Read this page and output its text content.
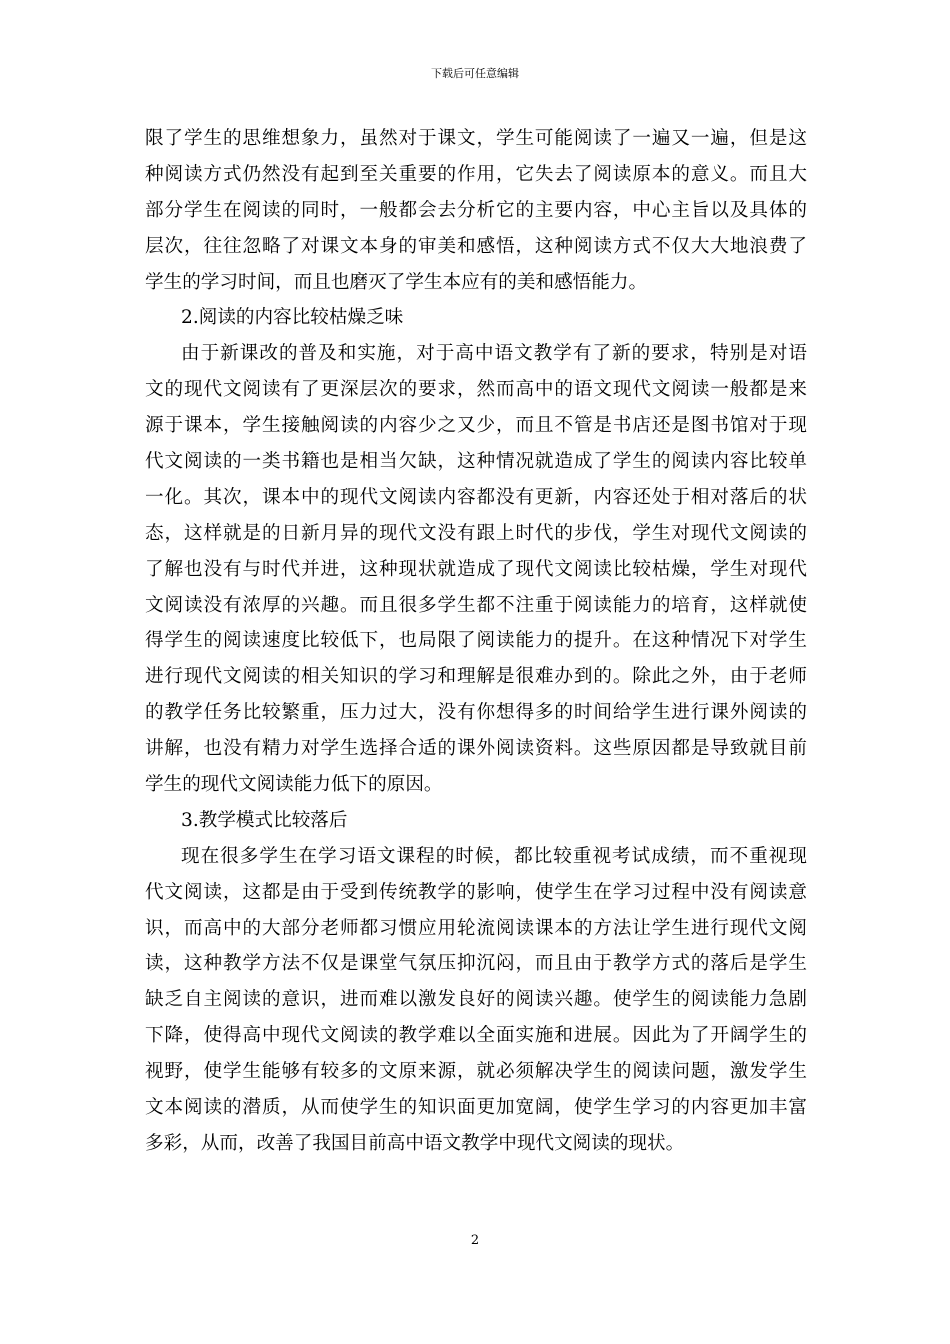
下载后可任意编辑
限了学生的思维想象力，虽然对于课文，学生可能阅读了一遍又一遍，但是这
种阅读方式仍然没有起到至关重要的作用，它失去了阅读原本的意义。而且大
部分学生在阅读的同时，一般都会去分析它的主要内容，中心主旨以及具体的
层次，往往忽略了对课文本身的审美和感悟，这种阅读方式不仅大大地浪费了
学生的学习时间，而且也磨灭了学生本应有的美和感悟能力。
2.阅读的内容比较枯燥乏味
由于新课改的普及和实施，对于高中语文教学有了新的要求，特别是对语
文的现代文阅读有了更深层次的要求，然而高中的语文现代文阅读一般都是来
源于课本，学生接触阅读的内容少之又少，而且不管是书店还是图书馆对于现
代文阅读的一类书籍也是相当欠缺，这种情况就造成了学生的阅读内容比较单
一化。其次，课本中的现代文阅读内容都没有更新，内容还处于相对落后的状
态，这样就是的日新月异的现代文没有跟上时代的步伐，学生对现代文阅读的
了解也没有与时代并进，这种现状就造成了现代文阅读比较枯燥，学生对现代
文阅读没有浓厚的兴趣。而且很多学生都不注重于阅读能力的培育，这样就使
得学生的阅读速度比较低下，也局限了阅读能力的提升。在这种情况下对学生
进行现代文阅读的相关知识的学习和理解是很难办到的。除此之外，由于老师
的教学任务比较繁重，压力过大，没有你想得多的时间给学生进行课外阅读的
讲解，也没有精力对学生选择合适的课外阅读资料。这些原因都是导致就目前
学生的现代文阅读能力低下的原因。
3.教学模式比较落后
现在很多学生在学习语文课程的时候，都比较重视考试成绩，而不重视现
代文阅读，这都是由于受到传统教学的影响，使学生在学习过程中没有阅读意
识，而高中的大部分老师都习惯应用轮流阅读课本的方法让学生进行现代文阅
读，这种教学方法不仅是课堂气氛压抑沉闷，而且由于教学方式的落后是学生
缺乏自主阅读的意识，进而难以激发良好的阅读兴趣。使学生的阅读能力急剧
下降，使得高中现代文阅读的教学难以全面实施和进展。因此为了开阔学生的
视野，使学生能够有较多的文原来源，就必须解决学生的阅读问题，激发学生
文本阅读的潜质，从而使学生的知识面更加宽阔，使学生学习的内容更加丰富
多彩，从而，改善了我国目前高中语文教学中现代文阅读的现状。
2
